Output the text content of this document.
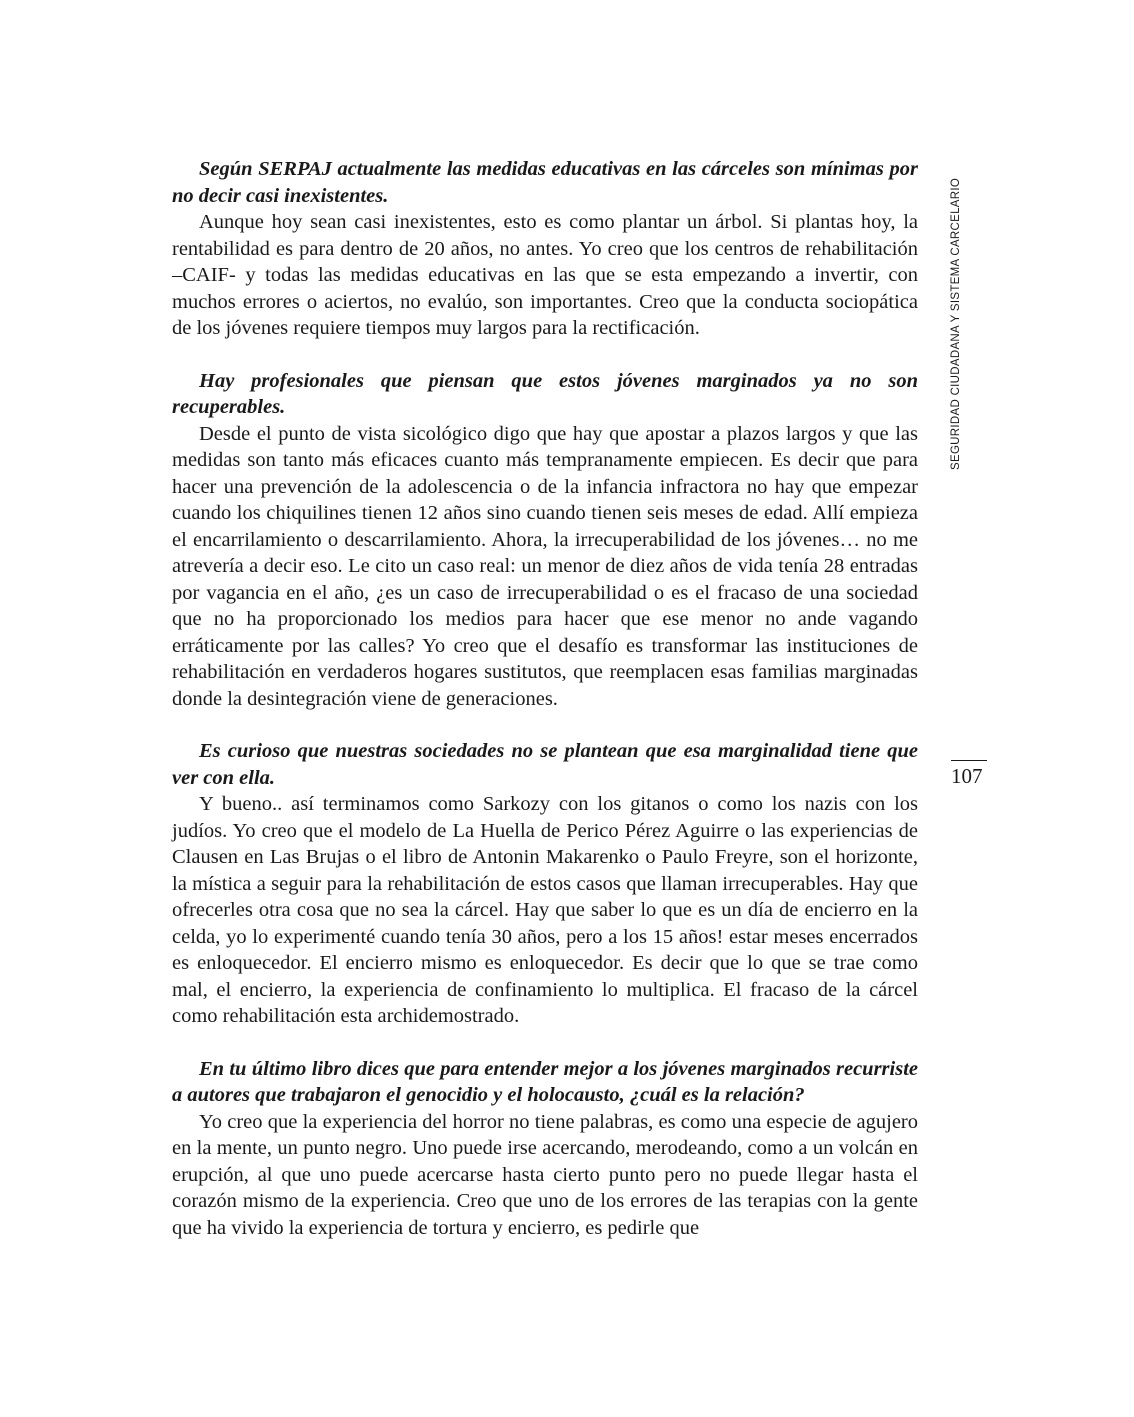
Según SERPAJ actualmente las medidas educativas en las cárceles son mínimas por no decir casi inexistentes.

Aunque hoy sean casi inexistentes, esto es como plantar un árbol. Si plantas hoy, la rentabilidad es para dentro de 20 años, no antes. Yo creo que los centros de rehabilitación –CAIF- y todas las medidas educativas en las que se esta empezando a invertir, con muchos errores o aciertos, no evalúo, son importantes. Creo que la conducta sociopática de los jóvenes requiere tiempos muy largos para la rectificación.

Hay profesionales que piensan que estos jóvenes marginados ya no son recuperables.

Desde el punto de vista sicológico digo que hay que apostar a plazos largos y que las medidas son tanto más eficaces cuanto más tempranamente empiecen. Es decir que para hacer una prevención de la adolescencia o de la infancia infractora no hay que empezar cuando los chiquilines tienen 12 años sino cuando tienen seis meses de edad. Allí empieza el encarrilamiento o descarrilamiento. Ahora, la irrecuperabilidad de los jóvenes… no me atrevería a decir eso. Le cito un caso real: un menor de diez años de vida tenía 28 entradas por vagancia en el año, ¿es un caso de irrecuperabilidad o es el fracaso de una sociedad que no ha proporcionado los medios para hacer que ese menor no ande vagando erráticamente por las calles? Yo creo que el desafío es transformar las instituciones de rehabilitación en verdaderos hogares sustitutos, que reemplacen esas familias marginadas donde la desintegración viene de generaciones.

Es curioso que nuestras sociedades no se plantean que esa marginalidad tiene que ver con ella.

Y bueno.. así terminamos como Sarkozy con los gitanos o como los nazis con los judíos. Yo creo que el modelo de La Huella de Perico Pérez Aguirre o las experiencias de Clausen en Las Brujas o el libro de Antonin Makarenko o Paulo Freyre, son el horizonte, la mística a seguir para la rehabilitación de estos casos que llaman irrecuperables. Hay que ofrecerles otra cosa que no sea la cárcel. Hay que saber lo que es un día de encierro en la celda, yo lo experimenté cuando tenía 30 años, pero a los 15 años! estar meses encerrados es enloquecedor. El encierro mismo es enloquecedor. Es decir que lo que se trae como mal, el encierro, la experiencia de confinamiento lo multiplica. El fracaso de la cárcel como rehabilitación esta archidemostrado.

En tu último libro dices que para entender mejor a los jóvenes marginados recurriste a autores que trabajaron el genocidio y el holocausto, ¿cuál es la relación?

Yo creo que la experiencia del horror no tiene palabras, es como una especie de agujero en la mente, un punto negro. Uno puede irse acercando, merodeando, como a un volcán en erupción, al que uno puede acercarse hasta cierto punto pero no puede llegar hasta el corazón mismo de la experiencia. Creo que uno de los errores de las terapias con la gente que ha vivido la experiencia de tortura y encierro, es pedirle que

SEGURIDAD CIUDADANA Y SISTEMA CARCELARIO
107
